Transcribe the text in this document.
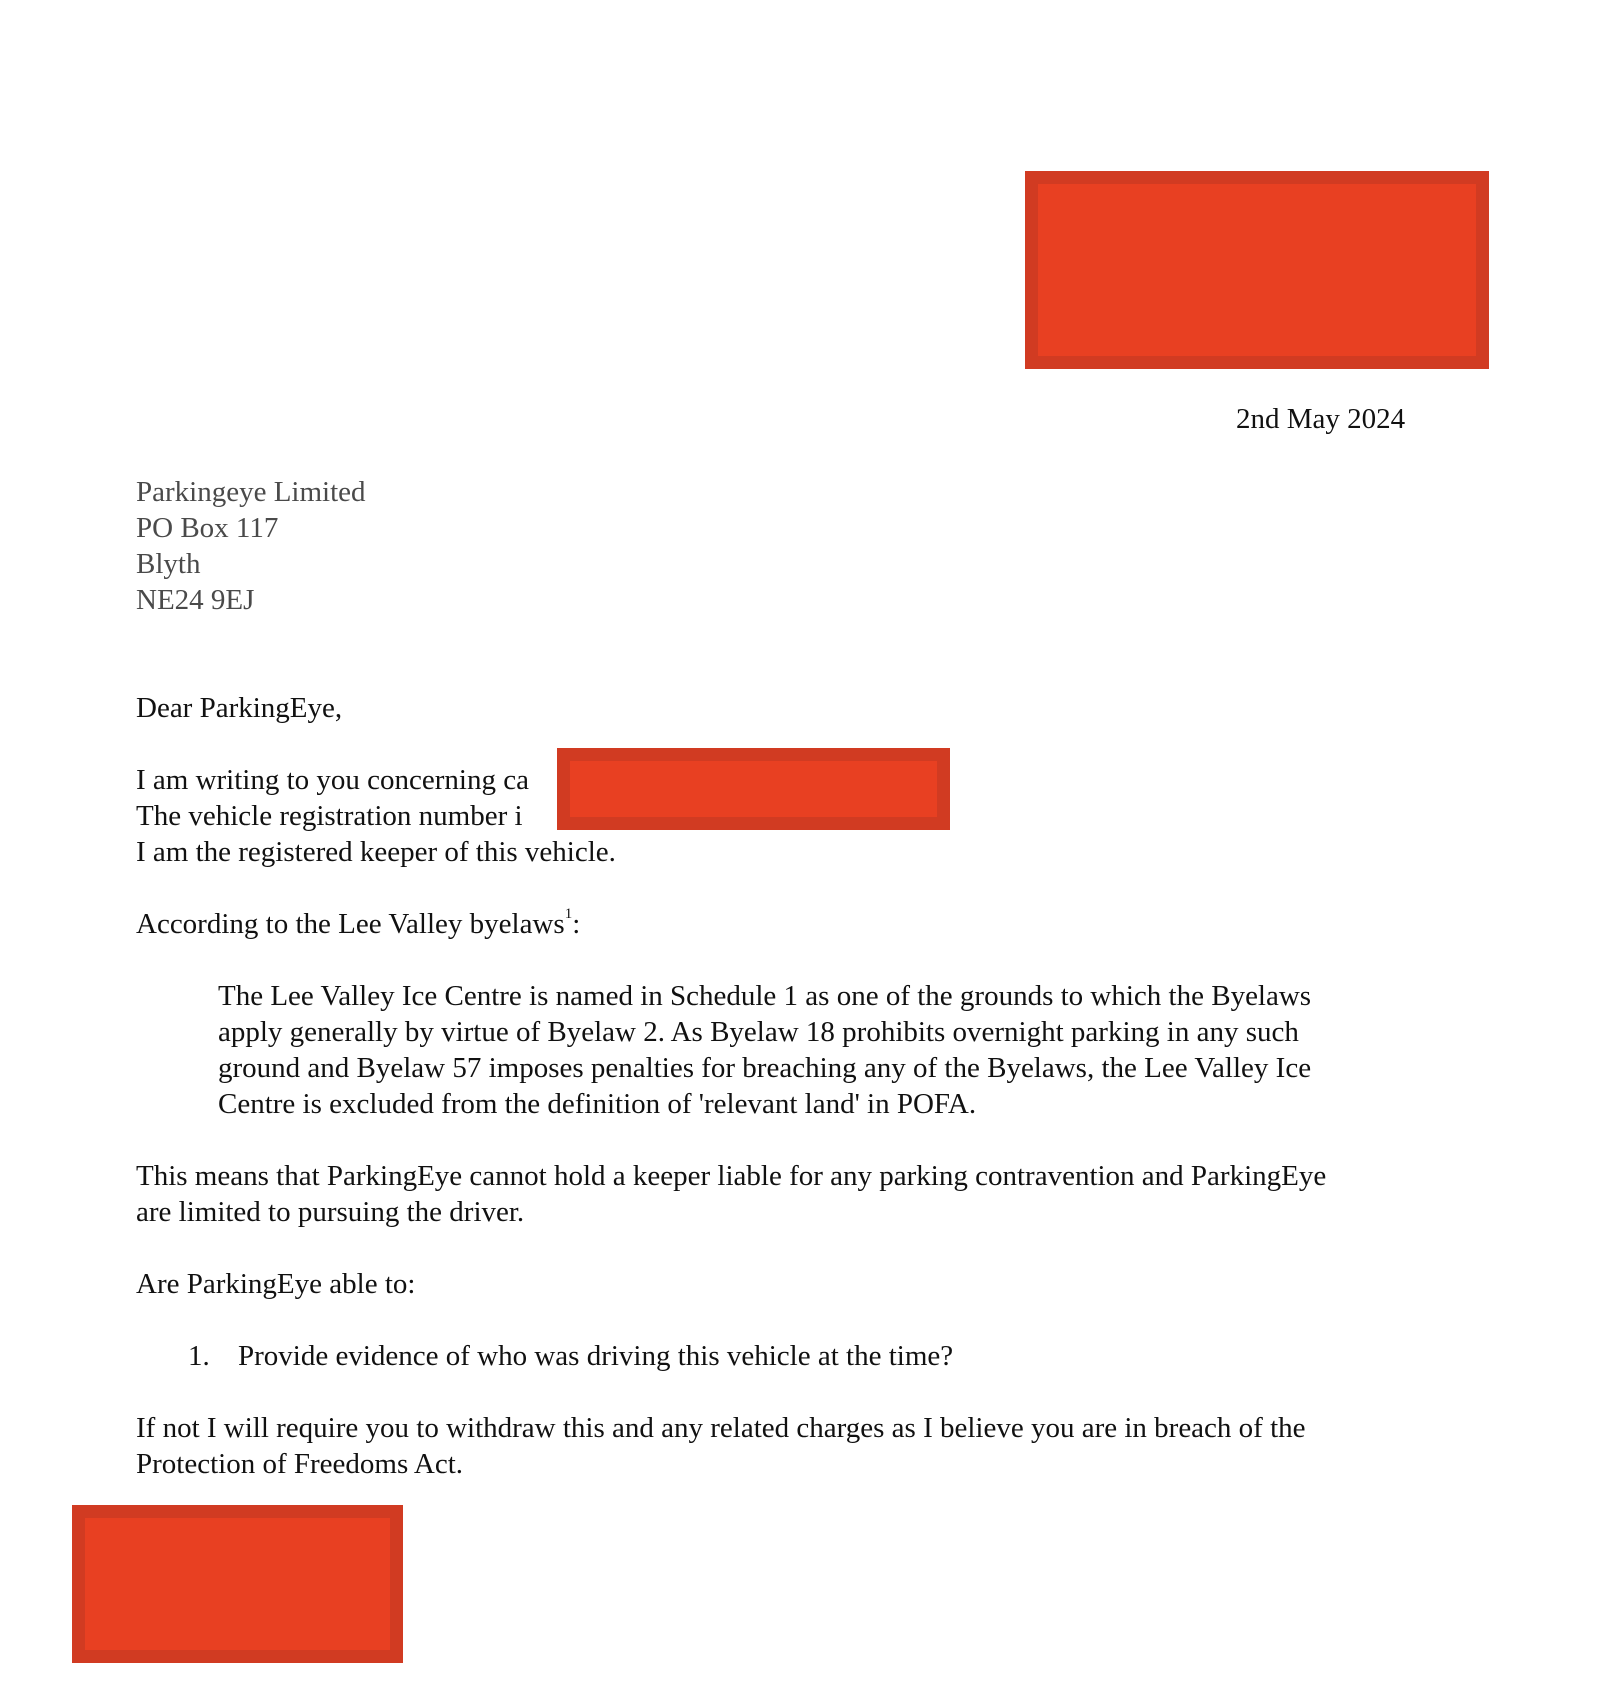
2nd May 2024
Parkingeye Limited
PO Box 117
Blyth
NE24 9EJ
Dear ParkingEye,
I am writing to you concerning ca
The vehicle registration number i
I am the registered keeper of this vehicle.
According to the Lee Valley byelaws$^1$:
The Lee Valley Ice Centre is named in Schedule 1 as one of the grounds to which the Byelaws
apply generally by virtue of Byelaw 2. As Byelaw 18 prohibits overnight parking in any such
ground and Byelaw 57 imposes penalties for breaching any of the Byelaws, the Lee Valley Ice
Centre is excluded from the definition of 'relevant land' in POFA.
This means that ParkingEye cannot hold a keeper liable for any parking contravention and ParkingEye
are limited to pursuing the driver.
Are ParkingEye able to:
1. Provide evidence of who was driving this vehicle at the time?
If not I will require you to withdraw this and any related charges as I believe you are in breach of the
Protection of Freedoms Act.
